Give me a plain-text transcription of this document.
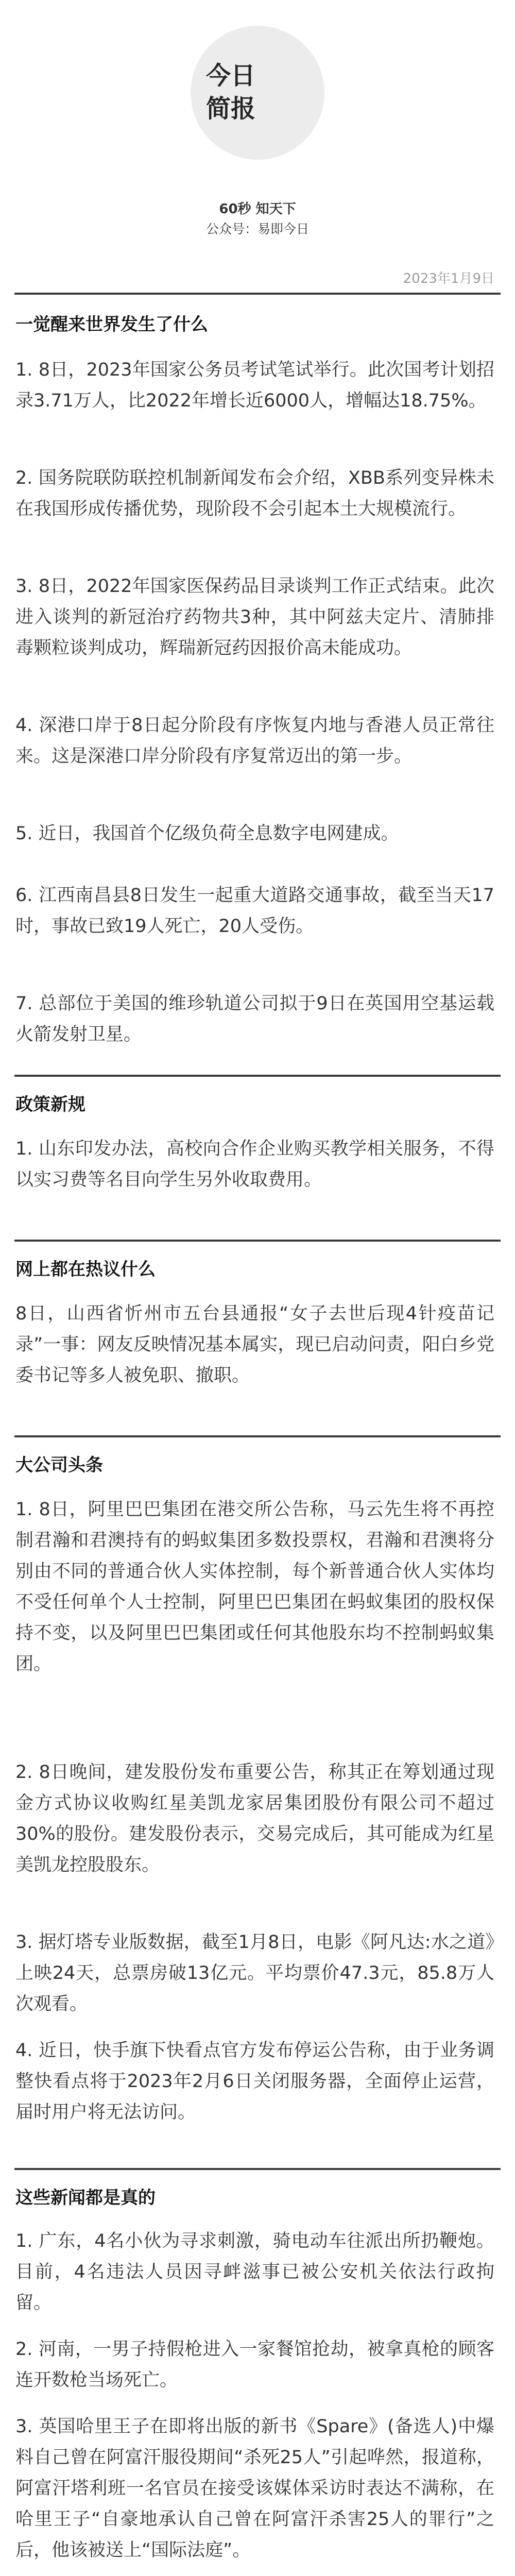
今日
简报
60秒 知天下
公众号：易即今日
2023年1月9日
一觉醒来世界发生了什么

1. 8日，2023年国家公务员考试笔试举行。此次国考计划招录3.71万人，比2022年增长近6000人，增幅达18.75%。

2. 国务院联防联控机制新闻发布会介绍，XBB系列变异株未在我国形成传播优势，现阶段不会引起本土大规模流行。

3. 8日，2022年国家医保药品目录谈判工作正式结束。此次进入谈判的新冠治疗药物共3种，其中阿兹夫定片、清肺排毒颗粒谈判成功，辉瑞新冠药因报价高未能成功。

4. 深港口岸于8日起分阶段有序恢复内地与香港人员正常往来。这是深港口岸分阶段有序复常迈出的第一步。

5. 近日，我国首个亿级负荷全息数字电网建成。

6. 江西南昌县8日发生一起重大道路交通事故，截至当天17时，事故已致19人死亡，20人受伤。

7. 总部位于美国的维珍轨道公司拟于9日在英国用空基运载火箭发射卫星。

政策新规

1. 山东印发办法，高校向合作企业购买教学相关服务，不得以实习费等名目向学生另外收取费用。

网上都在热议什么

8日，山西省忻州市五台县通报“女子去世后现4针疫苗记录”一事：网友反映情况基本属实，现已启动问责，阳白乡党委书记等多人被免职、撤职。

大公司头条

1. 8日，阿里巴巴集团在港交所公告称，马云先生将不再控制君瀚和君澳持有的蚂蚁集团多数投票权，君瀚和君澳将分别由不同的普通合伙人实体控制，每个新普通合伙人实体均不受任何单个人士控制，阿里巴巴集团在蚂蚁集团的股权保持不变，以及阿里巴巴集团或任何其他股东均不控制蚂蚁集团。

2. 8日晚间，建发股份发布重要公告，称其正在筹划通过现金方式协议收购红星美凯龙家居集团股份有限公司不超过30%的股份。建发股份表示，交易完成后，其可能成为红星美凯龙控股股东。

3. 据灯塔专业版数据，截至1月8日，电影《阿凡达:水之道》上映24天，总票房破13亿元。平均票价47.3元，85.8万人次观看。

4. 近日，快手旗下快看点官方发布停运公告称，由于业务调整快看点将于2023年2月6日关闭服务器，全面停止运营，届时用户将无法访问。

这些新闻都是真的

1. 广东，4名小伙为寻求刺激，骑电动车往派出所扔鞭炮。目前，4名违法人员因寻衅滋事已被公安机关依法行政拘留。

2. 河南，一男子持假枪进入一家餐馆抢劫，被拿真枪的顾客连开数枪当场死亡。

3. 英国哈里王子在即将出版的新书《Spare》(备选人)中爆料自己曾在阿富汗服役期间“杀死25人”引起哗然，报道称，阿富汗塔利班一名官员在接受该媒体采访时表达不满称，在哈里王子“自豪地承认自己曾在阿富汗杀害25人的罪行”之后，他该被送上“国际法庭”。
